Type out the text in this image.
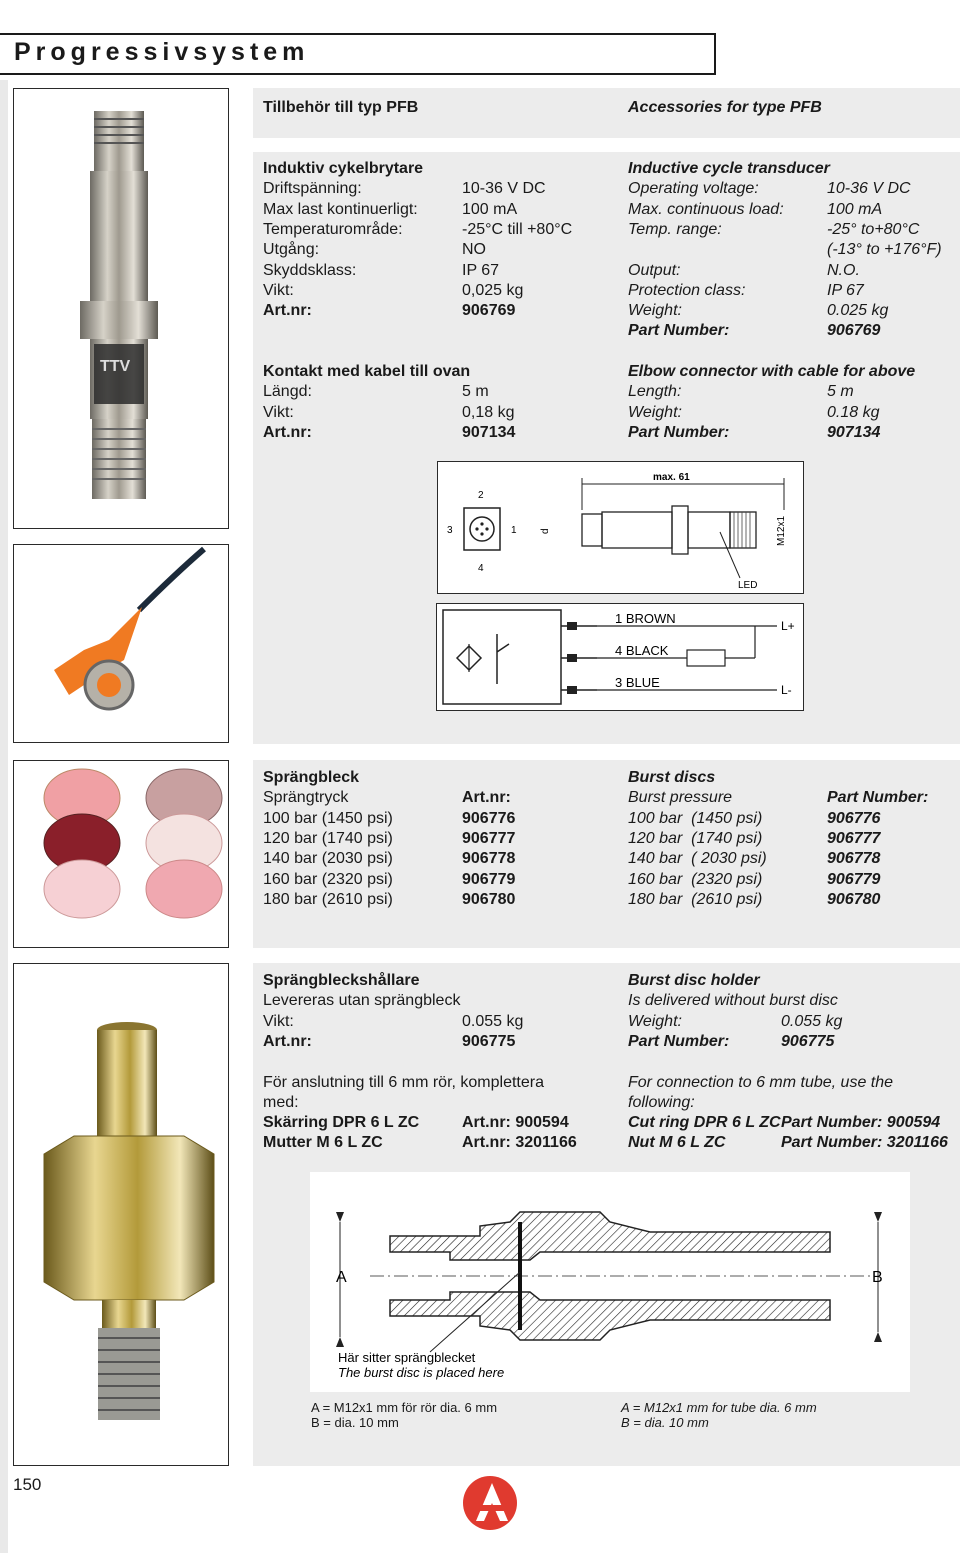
Progressivsystem
TTV
Tillbehör till typ PFB	Accessories for type PFB
Induktiv cykelbrytare
Driftspänning:	10-36 V DC
Max last kontinuerligt:	100 mA
Temperaturområde:	-25°C till +80°C
Utgång:	NO
Skyddsklass:	IP 67
Vikt:	0,025 kg
Art.nr:	906769
Inductive cycle transducer
Operating voltage:	10-36 V DC
Max. continuous load:	100 mA
Temp. range:	-25° to+80°C
(-13° to +176°F)
Output:	N.O.
Protection class:	IP 67
Weight:	0.025 kg
Part Number:	906769
Kontakt med kabel till ovan
Längd:	5 m
Vikt:	0,18 kg
Art.nr:	907134
Elbow connector with cable for above
Length:	5 m
Weight:	0.18 kg
Part Number:	907134
2
3	1
4
d
max. 61
M12x1
LED
1 BROWN
4 BLACK
3 BLUE
L+
L-
Sprängbleck
Sprängtryck	Art.nr:
100 bar (1450 psi)	906776
120 bar (1740 psi)	906777
140 bar (2030 psi)	906778
160 bar (2320 psi)	906779
180 bar (2610 psi)	906780
Burst discs
Burst pressure	Part Number:
100 bar  (1450 psi)	906776
120 bar  (1740 psi)	906777
140 bar  ( 2030 psi)	906778
160 bar  (2320 psi)	906779
180 bar  (2610 psi)	906780
Sprängbleckshållare
Levereras utan sprängbleck
Vikt:	0.055 kg
Art.nr:	906775
För anslutning till 6 mm rör, komplettera
med:
Skärring DPR 6 L ZC	Art.nr: 900594
Mutter M 6 L ZC	Art.nr: 3201166
Burst disc holder
Is delivered without burst disc
Weight:	0.055 kg
Part Number:	906775
For connection to 6 mm tube, use the
following:
Cut ring DPR 6 L ZC Part Number: 900594
Nut M 6 L ZC	Part Number: 3201166
A	B
Här sitter sprängblecket
The burst disc is placed here
A = M12x1 mm för rör dia. 6 mm
B = dia. 10 mm
A = M12x1 mm for tube dia. 6 mm
B = dia. 10 mm
150
